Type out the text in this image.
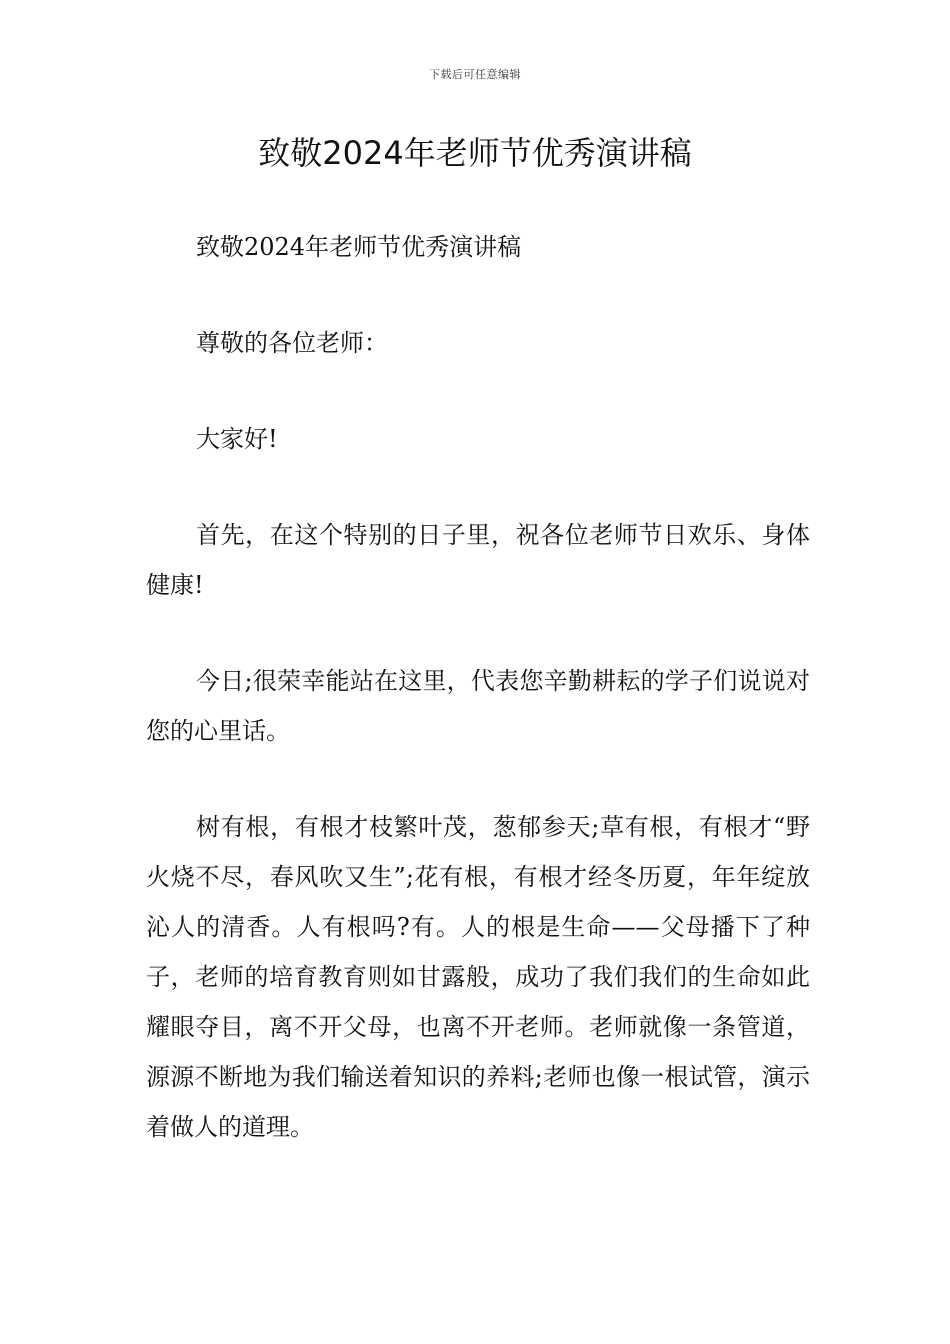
下载后可任意编辑
致敬2024年老师节优秀演讲稿

致敬2024年老师节优秀演讲稿

尊敬的各位老师：

大家好!

首先，在这个特别的日子里，祝各位老师节日欢乐、身体健康!

今日;很荣幸能站在这里，代表您辛勤耕耘的学子们说说对您的心里话。

树有根，有根才枝繁叶茂，葱郁参天;草有根，有根才“野火烧不尽，春风吹又生”;花有根，有根才经冬历夏，年年绽放沁人的清香。人有根吗?有。人的根是生命——父母播下了种子，老师的培育教育则如甘露般，成功了我们我们的生命如此耀眼夺目，离不开父母，也离不开老师。老师就像一条管道，源源不断地为我们输送着知识的养料;老师也像一根试管，演示着做人的道理。
